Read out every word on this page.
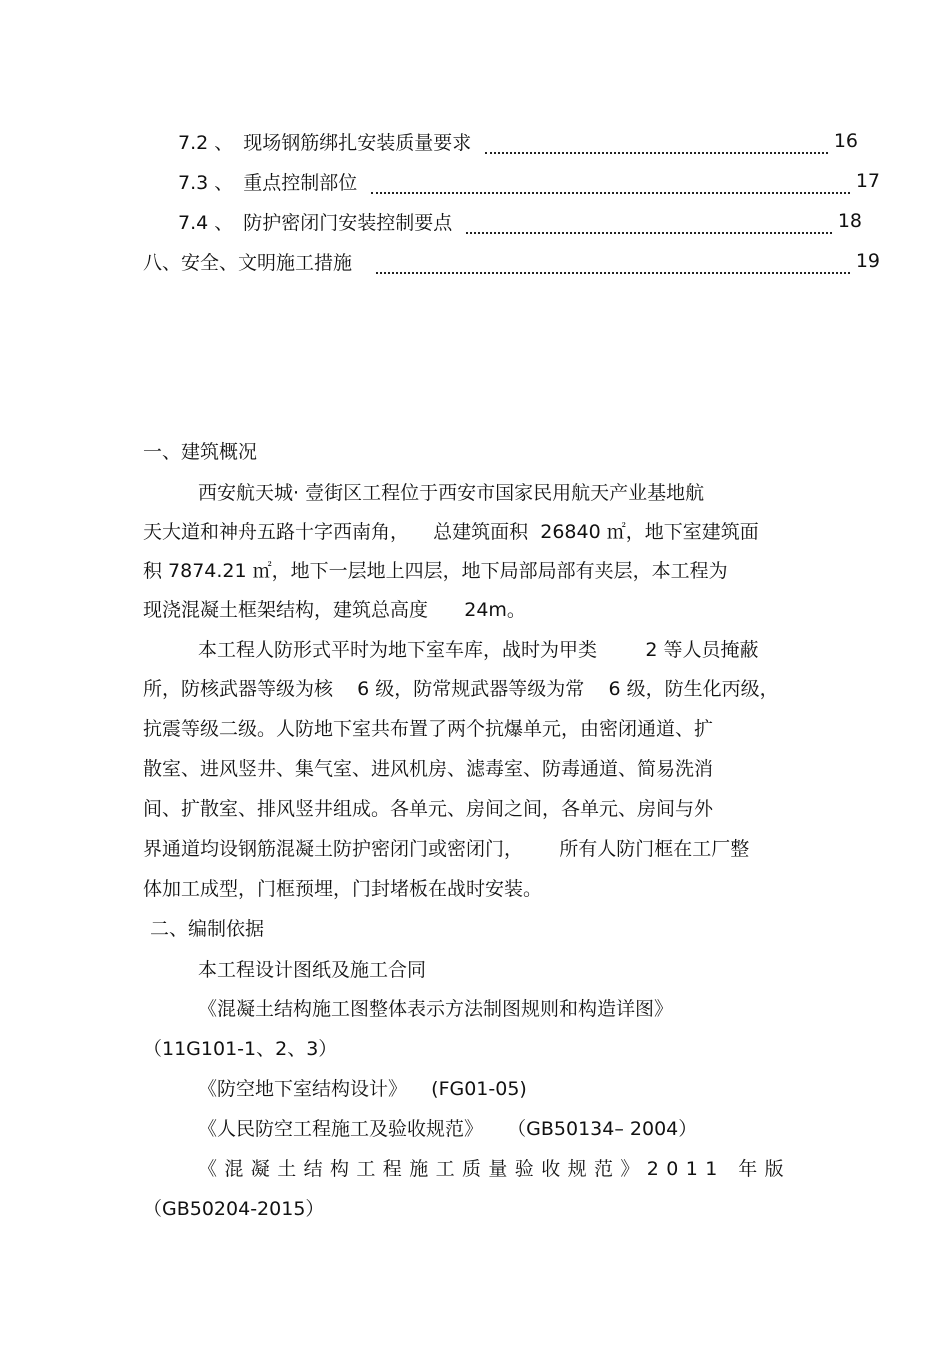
7.2 、 现场钢筋绑扎安装质量要求	16
7.3 、 重点控制部位	17
7.4 、 防护密闭门安装控制要点	18
八、安全、文明施工措施	19
一、建筑概况
西安航天城· 壹街区工程位于西安市国家民用航天产业基地航
天大道和神舟五路十字西南角，    总建筑面积  26840 ㎡，地下室建筑面
积 7874.21 ㎡，地下一层地上四层，地下局部局部有夹层，本工程为
现浇混凝土框架结构，建筑总高度      24m。
本工程人防形式平时为地下室车库，战时为甲类        2 等人员掩蔽
所，防核武器等级为核    6 级，防常规武器等级为常    6 级，防生化丙级，
抗震等级二级。人防地下室共布置了两个抗爆单元，由密闭通道、扩
散室、进风竖井、集气室、进风机房、滤毒室、防毒通道、简易洗消
间、扩散室、排风竖井组成。各单元、房间之间，各单元、房间与外
界通道均设钢筋混凝土防护密闭门或密闭门，      所有人防门框在工厂整
体加工成型，门框预埋，门封堵板在战时安装。
二、编制依据
本工程设计图纸及施工合同
《混凝土结构施工图整体表示方法制图规则和构造详图》
（11G101-1、2、3）
《防空地下室结构设计》    (FG01-05)
《人民防空工程施工及验收规范》    （GB50134– 2004）
《混凝土结构工程施工质量验收规范》2011 年版
（GB50204-2015）
